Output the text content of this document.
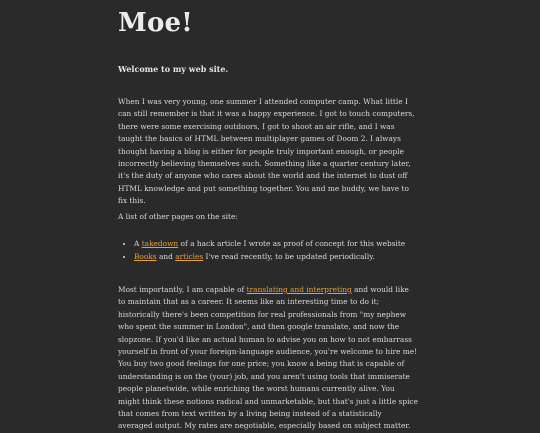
Moe!
Welcome to my web site.

When I was very young, one summer I attended computer camp. What little I can still remember is that it was a happy experience. I got to touch computers, there were some exercising outdoors, I got to shoot an air rifle, and I was taught the basics of HTML between multiplayer games of Doom 2. I always thought having a blog is either for people truly important enough, or people incorrectly believing themselves such. Something like a quarter century later, it's the duty of anyone who cares about the world and the internet to dust off HTML knowledge and put something together. You and me buddy, we have to fix this.

A list of other pages on the site:

• A takedown of a hack article I wrote as proof of concept for this website
• Books and articles I've read recently, to be updated periodically.

Most importantly, I am capable of translating and interpreting and would like to maintain that as a career. It seems like an interesting time to do it; historically there's been competition for real professionals from "my nephew who spent the summer in London", and then google translate, and now the slopzone. If you'd like an actual human to advise you on how to not embarrass yourself in front of your foreign-language audience, you're welcome to hire me! You buy two good feelings for one price; you know a being that is capable of understanding is on the (your) job, and you aren't using tools that immiserate people planetwide, while enriching the worst humans currently alive. You might think these notions radical and unmarketable, but that's just a little spice that comes from text written by a living being instead of a statistically averaged output. My rates are negotiable, especially based on subject matter.
